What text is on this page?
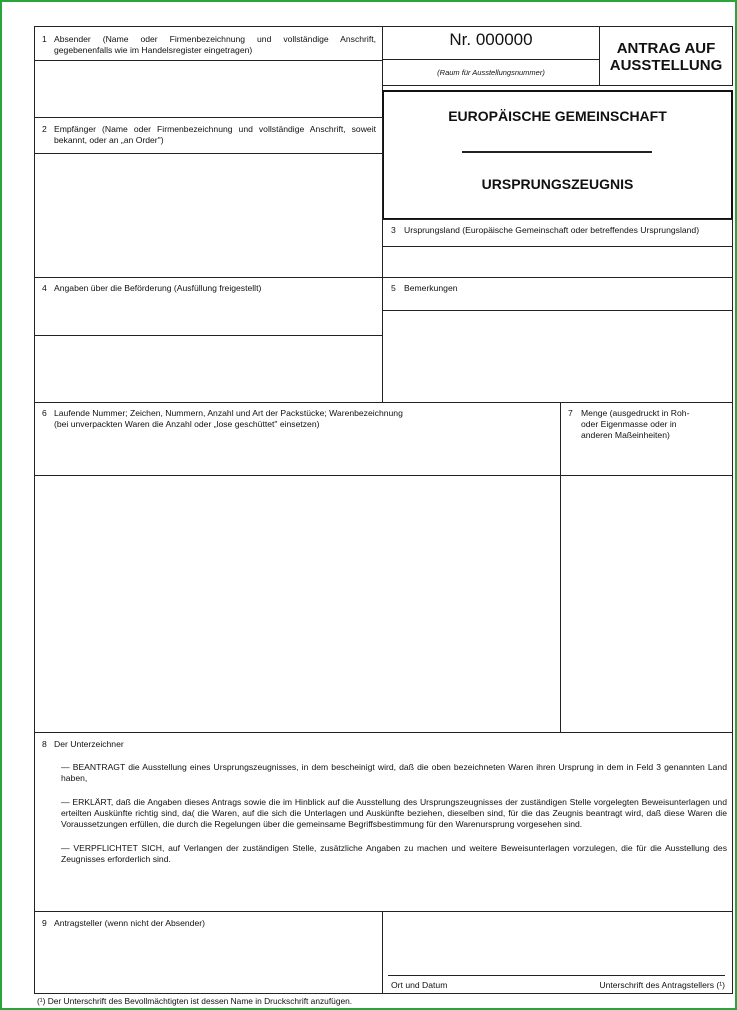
1 Absender (Name oder Firmenbezeichnung und vollständige Anschrift, gegebenenfalls wie im Handelsregister eingetragen)
Nr. 000000
(Raum für Ausstellungsnummer)
ANTRAG AUF
AUSSTELLUNG
EUROPÄISCHE GEMEINSCHAFT
URSPRUNGSZEUGNIS
2 Empfänger (Name oder Firmenbezeichnung und vollständige Anschrift, soweit bekannt, oder an „an Order")
3 Ursprungsland (Europäische Gemeinschaft oder betreffendes Ursprungsland)
4 Angaben über die Beförderung (Ausfüllung freigestellt)	5 Bemerkungen
6 Laufende Nummer; Zeichen, Nummern, Anzahl und Art der Packstücke; Warenbezeichnung
(bei unverpackten Waren die Anzahl oder „lose geschüttet" einsetzen)
7 Menge (ausgedruckt in Roh- oder Eigenmasse oder in anderen Maßeinheiten)
8 Der Unterzeichner
— BEANTRAGT die Ausstellung eines Ursprungszeugnisses, in dem bescheinigt wird, daß die oben bezeichneten Waren ihren Ursprung in dem in Feld 3 genannten Land haben,
— ERKLÄRT, daß die Angaben dieses Antrags sowie die im Hinblick auf die Ausstellung des Ursprungszeugnisses der zuständigen Stelle vorgelegten Beweisunterlagen und erteilten Auskünfte richtig sind, da( die Waren, auf die sich die Unterlagen und Auskünfte beziehen, dieselben sind, für die das Zeugnis beantragt wird, daß diese Waren die Voraussetzungen erfüllen, die durch die Regelungen über die gemeinsame Begriffsbestimmung für den Warenursprung vorgesehen sind.
— VERPFLICHTET SICH, auf Verlangen der zuständigen Stelle, zusätzliche Angaben zu machen und weitere Beweisunterlagen vorzulegen, die für die Ausstellung des Zeugnisses erforderlich sind.
9 Antragsteller (wenn nicht der Absender)
Ort und Datum	Unterschrift des Antragstellers (¹)
(¹) Der Unterschrift des Bevollmächtigten ist dessen Name in Druckschrift anzufügen.
